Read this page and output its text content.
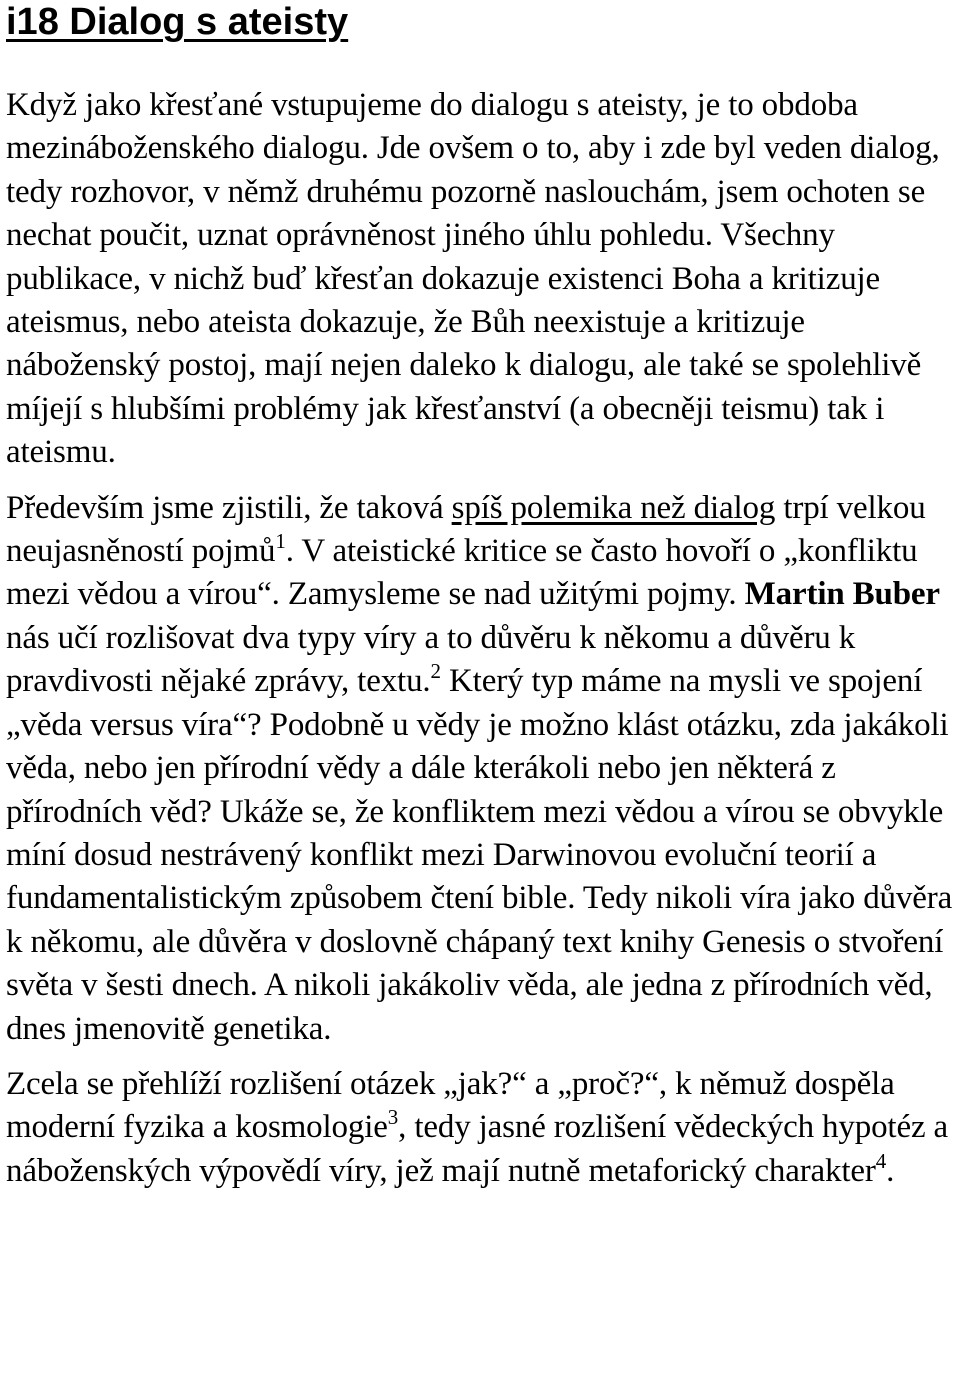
i18 Dialog s ateisty

Když jako křesťané vstupujeme do dialogu s ateisty, je to obdoba mezináboženského dialogu. Jde ovšem o to, aby i zde byl veden dialog, tedy rozhovor, v němž druhému pozorně naslouchám, jsem ochoten se nechat poučit, uznat oprávněnost jiného úhlu pohledu. Všechny publikace, v nichž buď křesťan dokazuje existenci Boha a kritizuje ateismus, nebo ateista dokazuje, že Bůh neexistuje a kritizuje náboženský postoj, mají nejen daleko k dialogu, ale také se spolehlivě míjejí s hlubšími problémy jak křesťanství (a obecněji teismu) tak i ateismu.

Především jsme zjistili, že taková spíš polemika než dialog trpí velkou neujasněností pojmů$^1$. V ateistické kritice se často hovoří o „konfliktu mezi vědou a vírou“. Zamysleme se nad užitými pojmy. Martin Buber nás učí rozlišovat dva typy víry a to důvěru k někomu a důvěru k pravdivosti nějaké zprávy, textu.$^2$ Který typ máme na mysli ve spojení „věda versus víra“? Podobně u vědy je možno klást otázku, zda jakákoli věda, nebo jen přírodní vědy a dále kterákoli nebo jen některá z přírodních věd? Ukáže se, že konfliktem mezi vědou a vírou se obvykle míní dosud nestrávený konflikt mezi Darwinovou evoluční teorií a fundamentalistickým způsobem čtení bible. Tedy nikoli víra jako důvěra k někomu, ale důvěra v doslovně chápaný text knihy Genesis o stvoření světa v šesti dnech. A nikoli jakákoliv věda, ale jedna z přírodních věd, dnes jmenovitě genetika.

Zcela se přehlíží rozlišení otázek „jak?“ a „proč?“, k němuž dospěla moderní fyzika a kosmologie$^3$, tedy jasné rozlišení vědeckých hypotéz a náboženských výpovědí víry, jež mají nutně metaforický charakter$^4$.
